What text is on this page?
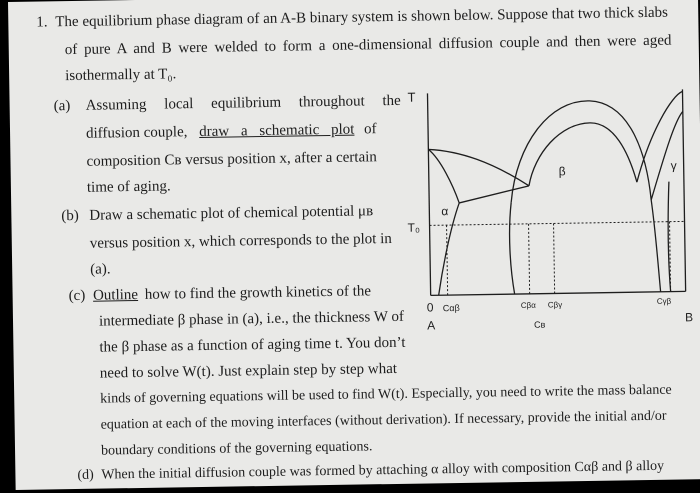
1. The equilibrium phase diagram of an A-B binary system is shown below. Suppose that two thick slabs
of pure A and B were welded to form a one-dimensional diffusion couple and then were aged
isothermally at T₀.
(a) Assuming local equilibrium throughout the
diffusion couple, draw a schematic plot of
composition Cʙ versus position x, after a certain
time of aging.
(b) Draw a schematic plot of chemical potential μʙ
versus position x, which corresponds to the plot in
(a).
(c) Outline how to find the growth kinetics of the
intermediate β phase in (a), i.e., the thickness W of
the β phase as a function of aging time t. You don’t
need to solve W(t). Just explain step by step what
kinds of governing equations will be used to find W(t). Especially, you need to write the mass balance
equation at each of the moving interfaces (without derivation). If necessary, provide the initial and/or
boundary conditions of the governing equations.
(d) When the initial diffusion couple was formed by attaching α alloy with composition Cαβ and β alloy
T
T₀
α
β	γ
0
A
B
Cαβ	Cβα Cβγ
Cʙ
Cγβ
